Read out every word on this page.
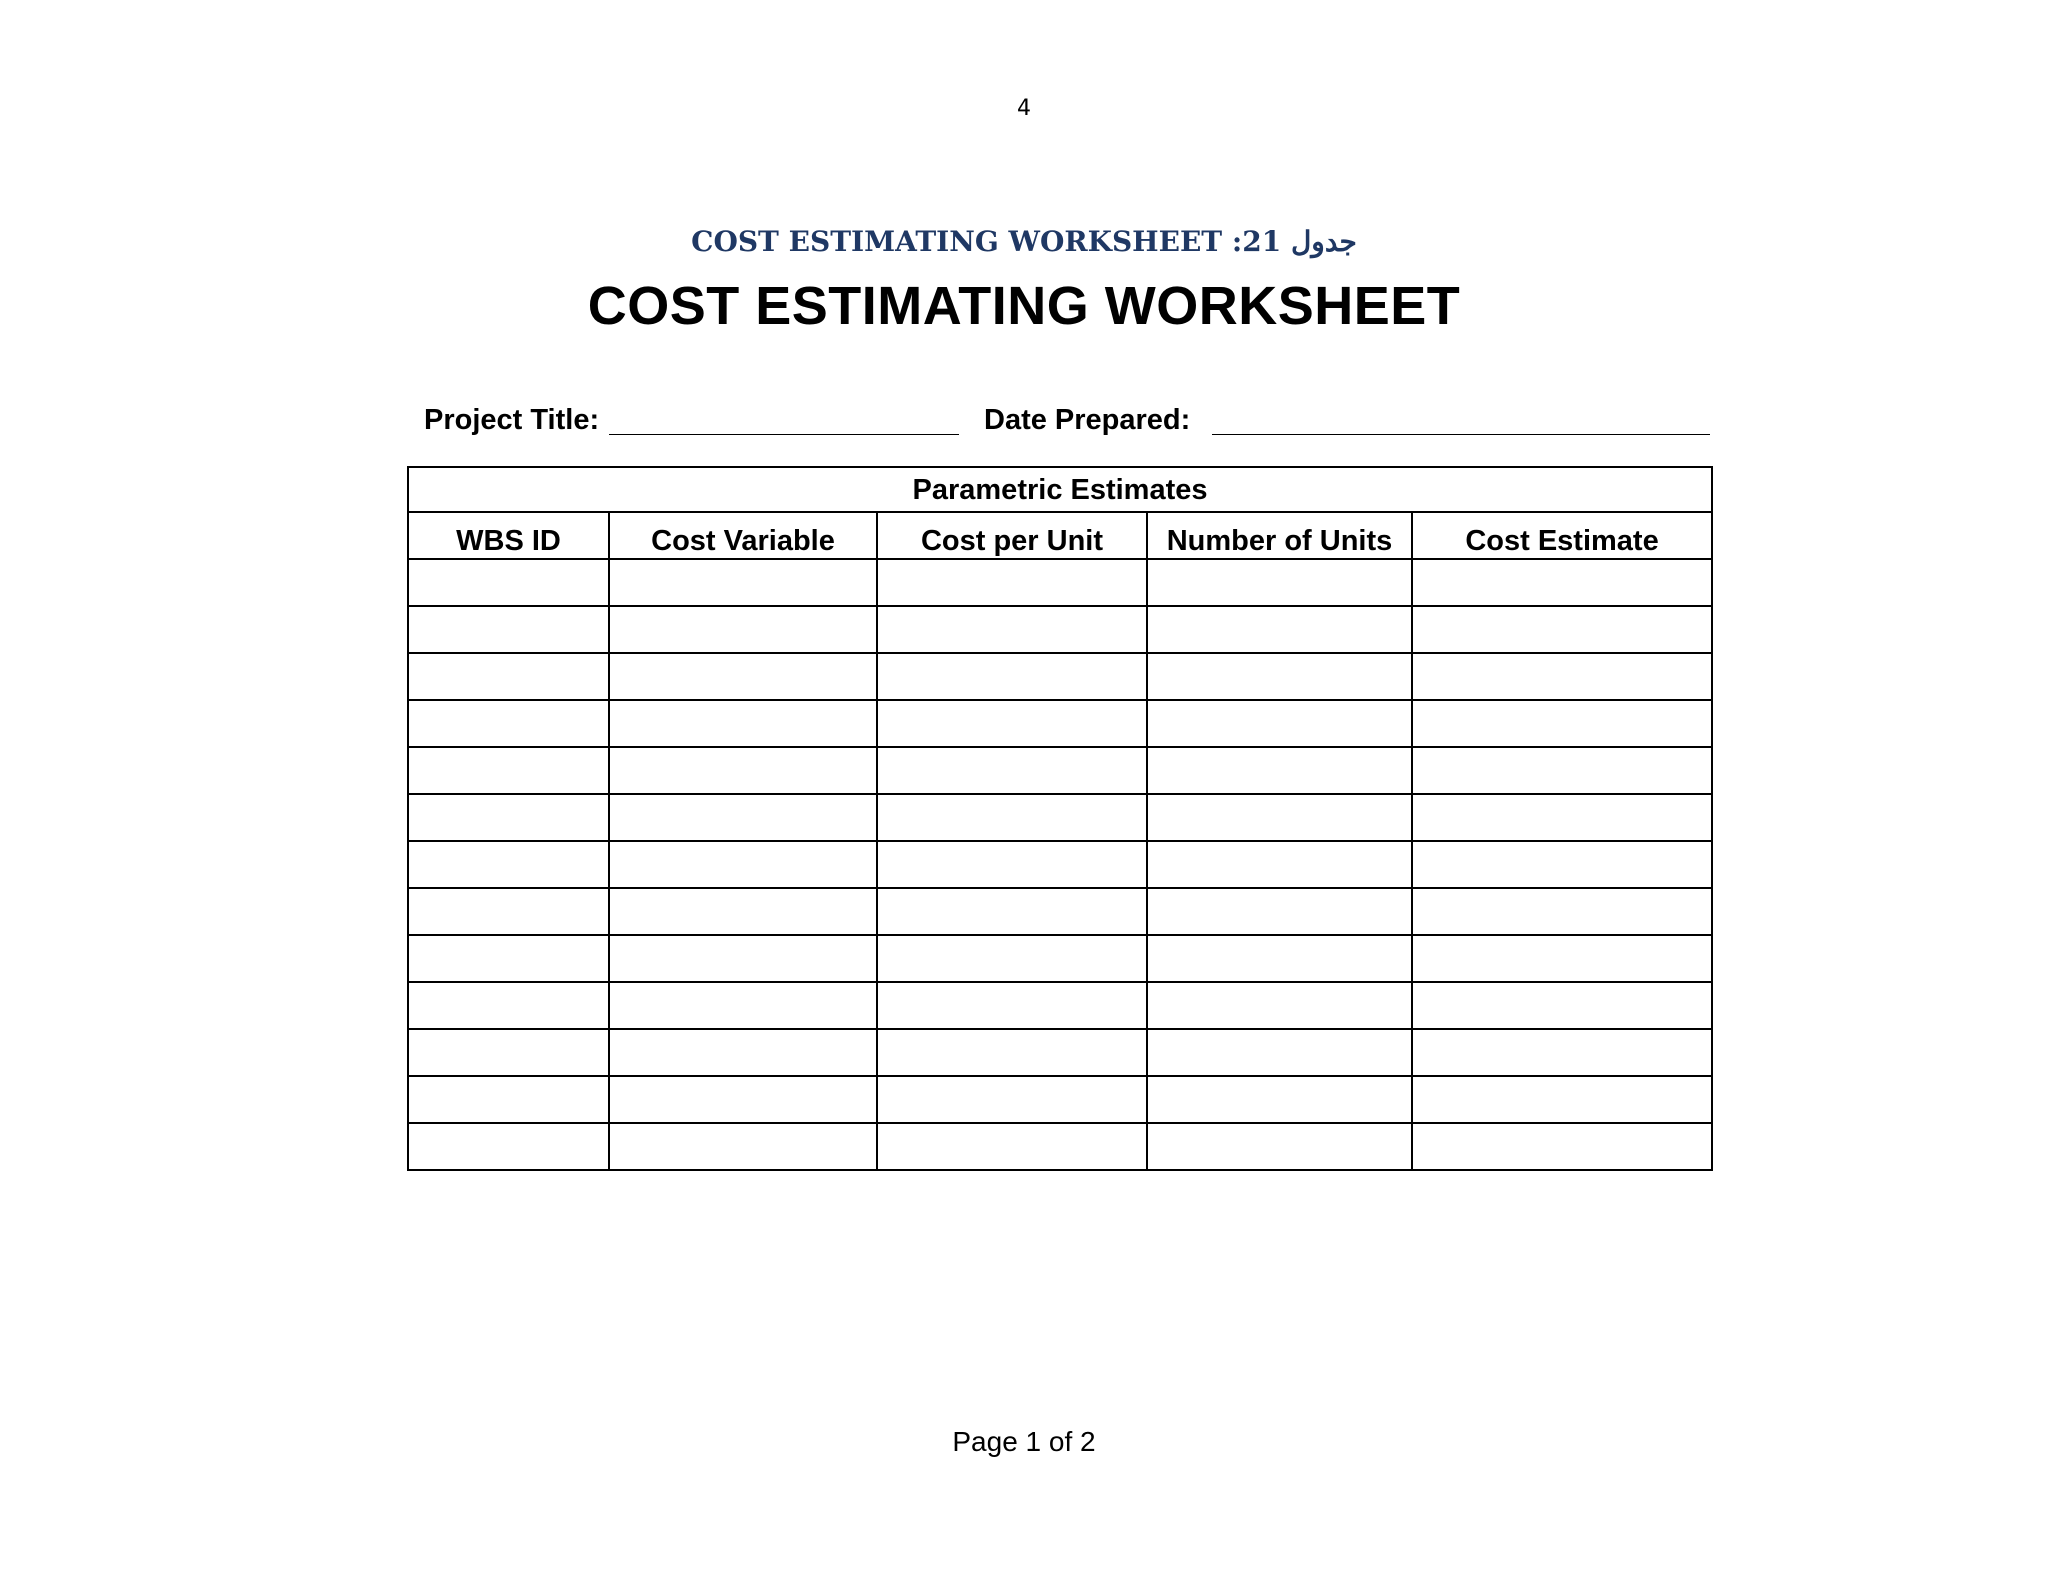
4
جدول 21: COST ESTIMATING WORKSHEET
COST ESTIMATING WORKSHEET
Project Title:	Date Prepared:
Parametric Estimates				
WBS ID	Cost Variable	Cost per Unit	Number of Units	Cost Estimate

Page 1 of 2
